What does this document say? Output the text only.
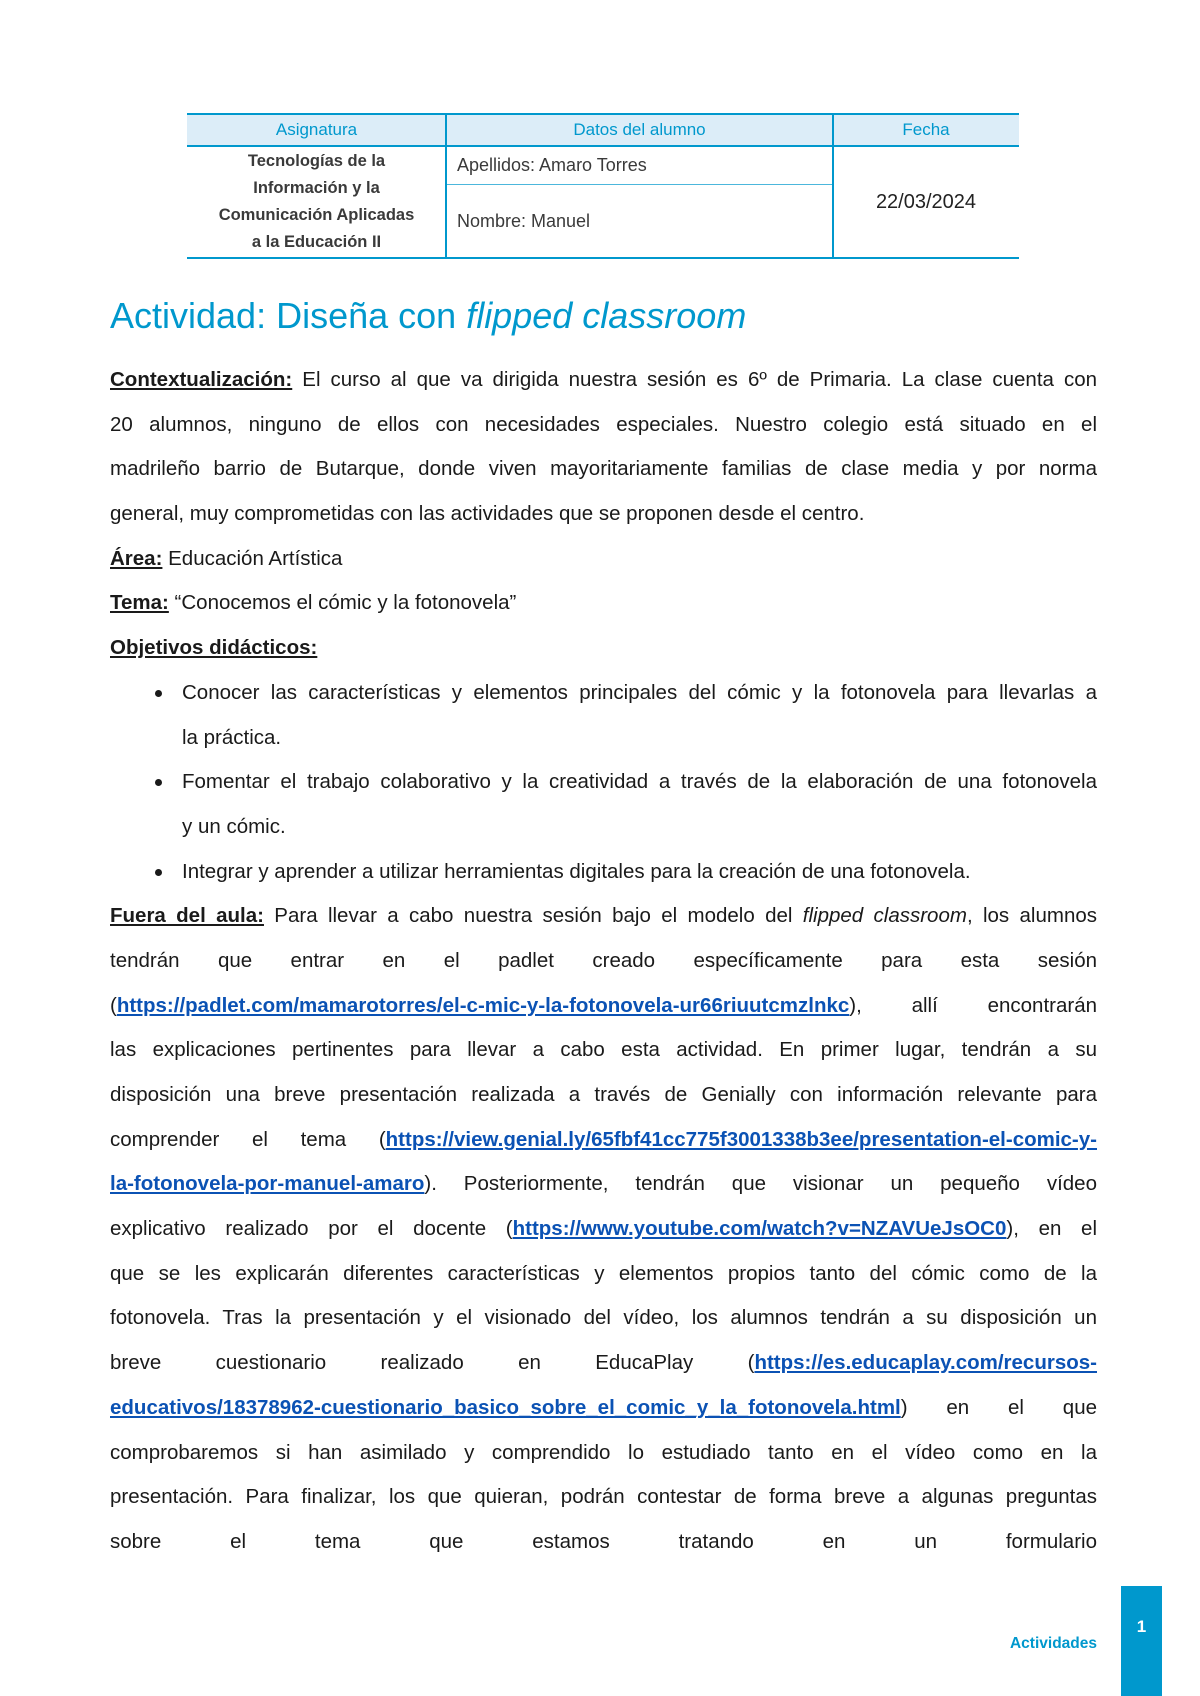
Asignatura	Datos del alumno	Fecha
Tecnologías de la
Información y la
Comunicación Aplicadas
a la Educación II
Apellidos: Amaro Torres
Nombre: Manuel
22/03/2024
Actividad: Diseña con flipped classroom
Contextualización: El curso al que va dirigida nuestra sesión es 6º de Primaria. La clase cuenta con
20 alumnos, ninguno de ellos con necesidades especiales. Nuestro colegio está situado en el
madrileño barrio de Butarque, donde viven mayoritariamente familias de clase media y por norma
general, muy comprometidas con las actividades que se proponen desde el centro.
Área: Educación Artística
Tema: “Conocemos el cómic y la fotonovela”
Objetivos didácticos:
Conocer las características y elementos principales del cómic y la fotonovela para llevarlas a
la práctica.
Fomentar el trabajo colaborativo y la creatividad a través de la elaboración de una fotonovela
y un cómic.
Integrar y aprender a utilizar herramientas digitales para la creación de una fotonovela.
Fuera del aula: Para llevar a cabo nuestra sesión bajo el modelo del flipped classroom, los alumnos
tendrán que entrar en el padlet creado específicamente para esta sesión
(https://padlet.com/mamarotorres/el-c-mic-y-la-fotonovela-ur66riuutcmzlnkc), allí encontrarán
las explicaciones pertinentes para llevar a cabo esta actividad. En primer lugar, tendrán a su
disposición una breve presentación realizada a través de Genially con información relevante para
comprender el tema (https://view.genial.ly/65fbf41cc775f3001338b3ee/presentation-el-comic-y-
la-fotonovela-por-manuel-amaro). Posteriormente, tendrán que visionar un pequeño vídeo
explicativo realizado por el docente (https://www.youtube.com/watch?v=NZAVUeJsOC0), en el
que se les explicarán diferentes características y elementos propios tanto del cómic como de la
fotonovela. Tras la presentación y el visionado del vídeo, los alumnos tendrán a su disposición un
breve cuestionario realizado en EducaPlay (https://es.educaplay.com/recursos-
educativos/18378962-cuestionario_basico_sobre_el_comic_y_la_fotonovela.html) en el que
comprobaremos si han asimilado y comprendido lo estudiado tanto en el vídeo como en la
presentación. Para finalizar, los que quieran, podrán contestar de forma breve a algunas preguntas
sobre el tema que estamos tratando en un formulario
Actividades
1
